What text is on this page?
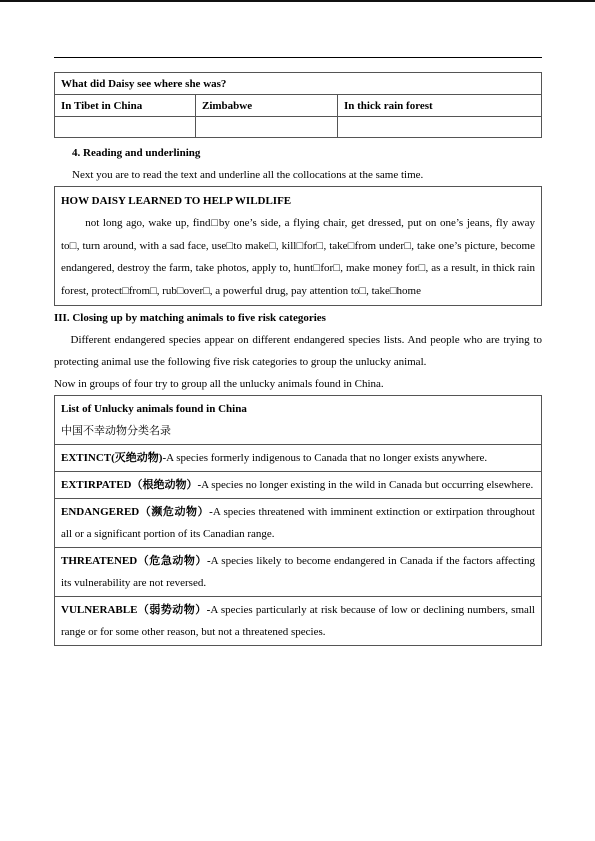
What did Daisy see where she was?		
In Tibet in China	Zimbabwe	In thick rain forest

4. Reading and underlining
Next you are to read the text and underline all the collocations at the same time.
HOW DAISY LEARNED TO HELP WILDLIFE
not long ago, wake up, find□by one’s side, a flying chair, get dressed, put on one’s jeans, fly away to□, turn around, with a sad face, use□to make□, kill□for□, take□from under□, take one’s picture, become endangered, destroy the farm, take photos, apply to, hunt□for□, make money for□, as a result, in thick rain forest, protect□from□, rub□over□, a powerful drug, pay attention to□, take□home
III. Closing up by matching animals to five risk categories
Different endangered species appear on different endangered species lists. And people who are trying to protecting animal use the following five risk categories to group the unlucky animal.
Now in groups of four try to group all the unlucky animals found in China.
List of Unlucky animals found in China
中国不幸动物分类名录

EXTINCT(灭绝动物)-A species formerly indigenous to Canada that no longer exists anywhere.
EXTIRPATED（根绝动物）-A species no longer existing in the wild in Canada but occurring elsewhere.
ENDANGERED（濒危动物）-A species threatened with imminent extinction or extirpation throughout all or a significant portion of its Canadian range.
THREATENED（危急动物）-A species likely to become endangered in Canada if the factors affecting its vulnerability are not reversed.
VULNERABLE（弱势动物）-A species particularly at risk because of low or declining numbers, small range or for some other reason, but not a threatened species.
